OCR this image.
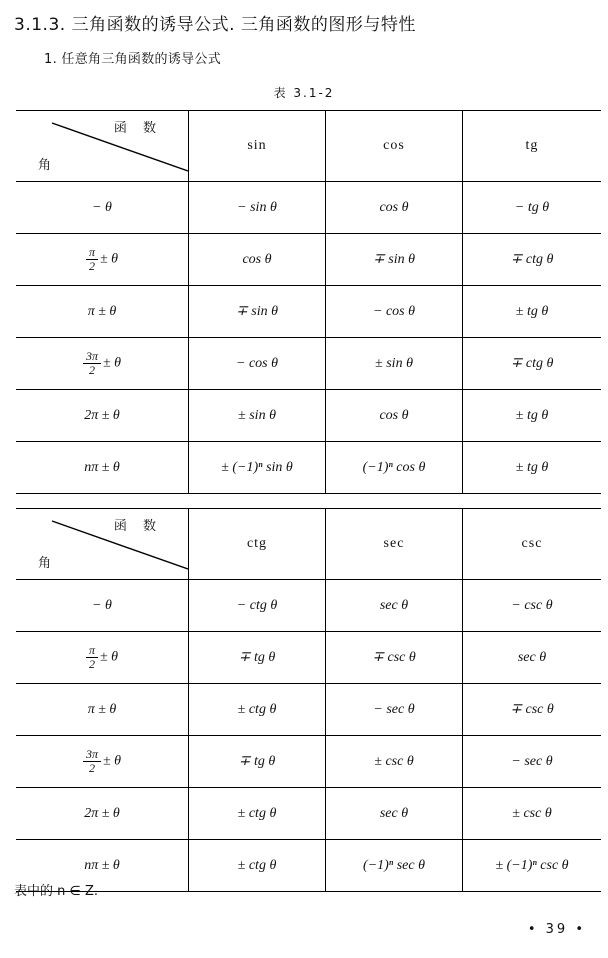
3.1.3. 三角函数的诱导公式. 三角函数的图形与特性
1. 任意角三角函数的诱导公式
表 3.1-2
函 数
角	sin	cos	tg
− θ	− sin θ	cos θ	− tg θ

$\frac{\pi}{2} \pm \theta$	cos θ	∓ sin θ	∓ ctg θ
π ± θ	∓ sin θ	− cos θ	± tg θ

$\frac{3\pi}{2} \pm \theta$	− cos θ	± sin θ	∓ ctg θ
2π ± θ	± sin θ	cos θ	± tg θ
nπ ± θ	± (−1)ⁿ sin θ	(−1)ⁿ cos θ	± tg θ
函 数
角	ctg	sec	csc
− θ	− ctg θ	sec θ	− csc θ

$\frac{\pi}{2} \pm \theta$	∓ tg θ	∓ csc θ	sec θ
π ± θ	± ctg θ	− sec θ	∓ csc θ

$\frac{3\pi}{2} \pm \theta$	∓ tg θ	± csc θ	− sec θ
2π ± θ	± ctg θ	sec θ	± csc θ
nπ ± θ	± ctg θ	(−1)ⁿ sec θ	± (−1)ⁿ csc θ
表中的 n ∈ Z.
• 39 •
